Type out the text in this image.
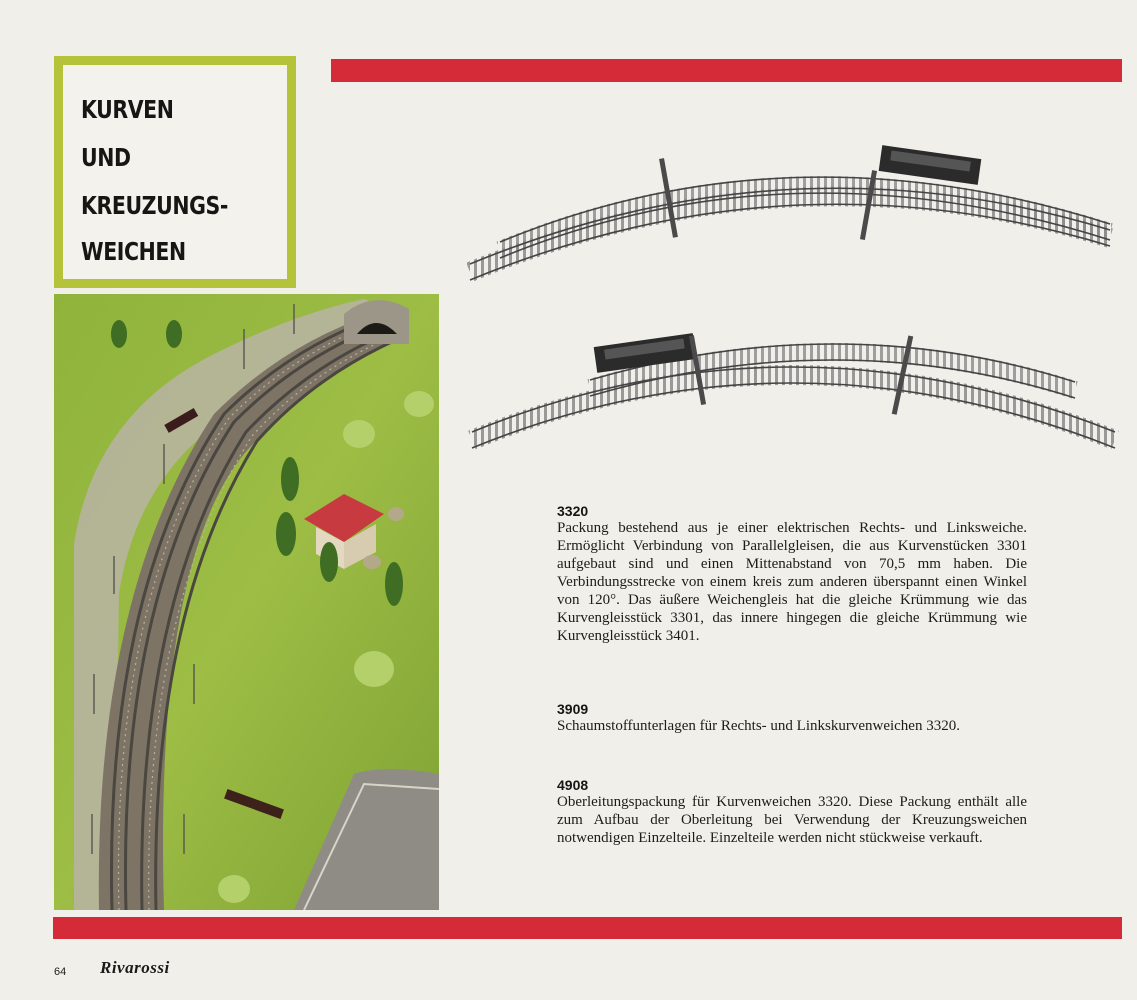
KURVEN
UND
KREUZUNGS-
WEICHEN
3320
Packung bestehend aus je einer elektrischen Rechts- und Linksweiche. Ermöglicht Verbindung von Parallelgleisen, die aus Kurvenstücken 3301 aufgebaut sind und einen Mittenabstand von 70,5 mm haben. Die Verbindungsstrecke von einem kreis zum anderen überspannt einen Winkel von 120°. Das äußere Weichengleis hat die gleiche Krümmung wie das Kurvengleisstück 3301, das innere hingegen die gleiche Krümmung wie Kurvengleisstück 3401.
3909
Schaumstoffunterlagen für Rechts- und Linkskurvenweichen 3320.
4908
Oberleitungspackung für Kurvenweichen 3320. Diese Packung enthält alle zum Aufbau der Oberleitung bei Verwendung der Kreuzungsweichen notwendigen Einzelteile. Einzelteile werden nicht stückweise verkauft.
64 Rivarossi
